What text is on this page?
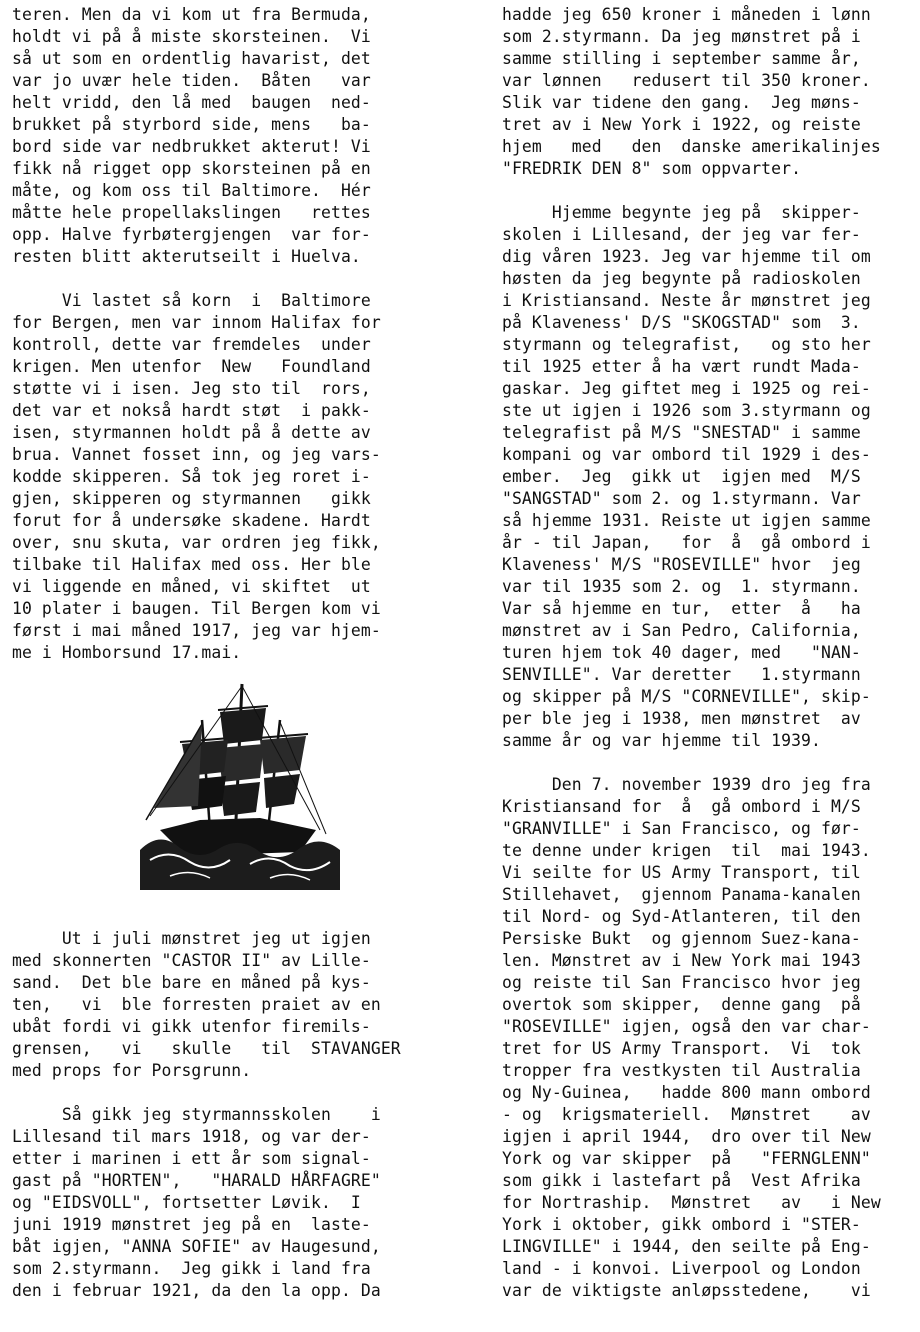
teren. Men da vi kom ut fra Bermuda,
holdt vi på å miste skorsteinen.  Vi
så ut som en ordentlig havarist, det
var jo uvær hele tiden.  Båten   var
helt vridd, den lå med  baugen  ned-
brukket på styrbord side, mens   ba-
bord side var nedbrukket akterut! Vi
fikk nå rigget opp skorsteinen på en
måte, og kom oss til Baltimore.  Hér
måtte hele propellakslingen   rettes
opp. Halve fyrbøtergjengen  var for-
resten blitt akterutseilt i Huelva.
Vi lastet så korn  i  Baltimore
for Bergen, men var innom Halifax for
kontroll, dette var fremdeles  under
krigen. Men utenfor  New   Foundland
støtte vi i isen. Jeg sto til  rors,
det var et nokså hardt støt  i pakk-
isen, styrmannen holdt på å dette av
brua. Vannet fosset inn, og jeg vars-
kodde skipperen. Så tok jeg roret i-
gjen, skipperen og styrmannen   gikk
forut for å undersøke skadene. Hardt
over, snu skuta, var ordren jeg fikk,
tilbake til Halifax med oss. Her ble
vi liggende en måned, vi skiftet  ut
10 plater i baugen. Til Bergen kom vi
først i mai måned 1917, jeg var hjem-
me i Homborsund 17.mai.
Ut i juli mønstret jeg ut igjen
med skonnerten "CASTOR II" av Lille-
sand.  Det ble bare en måned på kys-
ten,   vi  ble forresten praiet av en
ubåt fordi vi gikk utenfor firemils-
grensen,   vi   skulle   til  STAVANGER
med props for Porsgrunn.
Så gikk jeg styrmannsskolen    i
Lillesand til mars 1918, og var der-
etter i marinen i ett år som signal-
gast på "HORTEN",   "HARALD HÅRFAGRE"
og "EIDSVOLL", fortsetter Løvik.  I
juni 1919 mønstret jeg på en  laste-
båt igjen, "ANNA SOFIE" av Haugesund,
som 2.styrmann.  Jeg gikk i land fra
den i februar 1921, da den la opp. Da
hadde jeg 650 kroner i måneden i lønn
som 2.styrmann. Da jeg mønstret på i
samme stilling i september samme år,
var lønnen   redusert til 350 kroner.
Slik var tidene den gang.  Jeg møns-
tret av i New York i 1922, og reiste
hjem   med   den  danske amerikalinjes
"FREDRIK DEN 8" som oppvarter.
Hjemme begynte jeg på  skipper-
skolen i Lillesand, der jeg var fer-
dig våren 1923. Jeg var hjemme til om
høsten da jeg begynte på radioskolen
i Kristiansand. Neste år mønstret jeg
på Klaveness' D/S "SKOGSTAD" som  3.
styrmann og telegrafist,   og sto her
til 1925 etter å ha vært rundt Mada-
gaskar. Jeg giftet meg i 1925 og rei-
ste ut igjen i 1926 som 3.styrmann og
telegrafist på M/S "SNESTAD" i samme
kompani og var ombord til 1929 i des-
ember.  Jeg  gikk ut  igjen med  M/S
"SANGSTAD" som 2. og 1.styrmann. Var
så hjemme 1931. Reiste ut igjen samme
år - til Japan,   for  å  gå ombord i
Klaveness' M/S "ROSEVILLE" hvor  jeg
var til 1935 som 2. og  1. styrmann.
Var så hjemme en tur,  etter  å   ha
mønstret av i San Pedro, California,
turen hjem tok 40 dager, med   "NAN-
SENVILLE". Var deretter   1.styrmann
og skipper på M/S "CORNEVILLE", skip-
per ble jeg i 1938, men mønstret  av
samme år og var hjemme til 1939.
Den 7. november 1939 dro jeg fra
Kristiansand for  å  gå ombord i M/S
"GRANVILLE" i San Francisco, og før-
te denne under krigen  til  mai 1943.
Vi seilte for US Army Transport, til
Stillehavet,  gjennom Panama-kanalen
til Nord- og Syd-Atlanteren, til den
Persiske Bukt  og gjennom Suez-kana-
len. Mønstret av i New York mai 1943
og reiste til San Francisco hvor jeg
overtok som skipper,  denne gang  på
"ROSEVILLE" igjen, også den var char-
tret for US Army Transport.  Vi  tok
tropper fra vestkysten til Australia
og Ny-Guinea,   hadde 800 mann ombord
- og  krigsmateriell.  Mønstret    av
igjen i april 1944,  dro over til New
York og var skipper  på   "FERNGLENN"
som gikk i lastefart på  Vest Afrika
for Nortraship.  Mønstret   av   i New
York i oktober, gikk ombord i "STER-
LINGVILLE" i 1944, den seilte på Eng-
land - i konvoi. Liverpool og London
var de viktigste anløpsstedene,    vi
